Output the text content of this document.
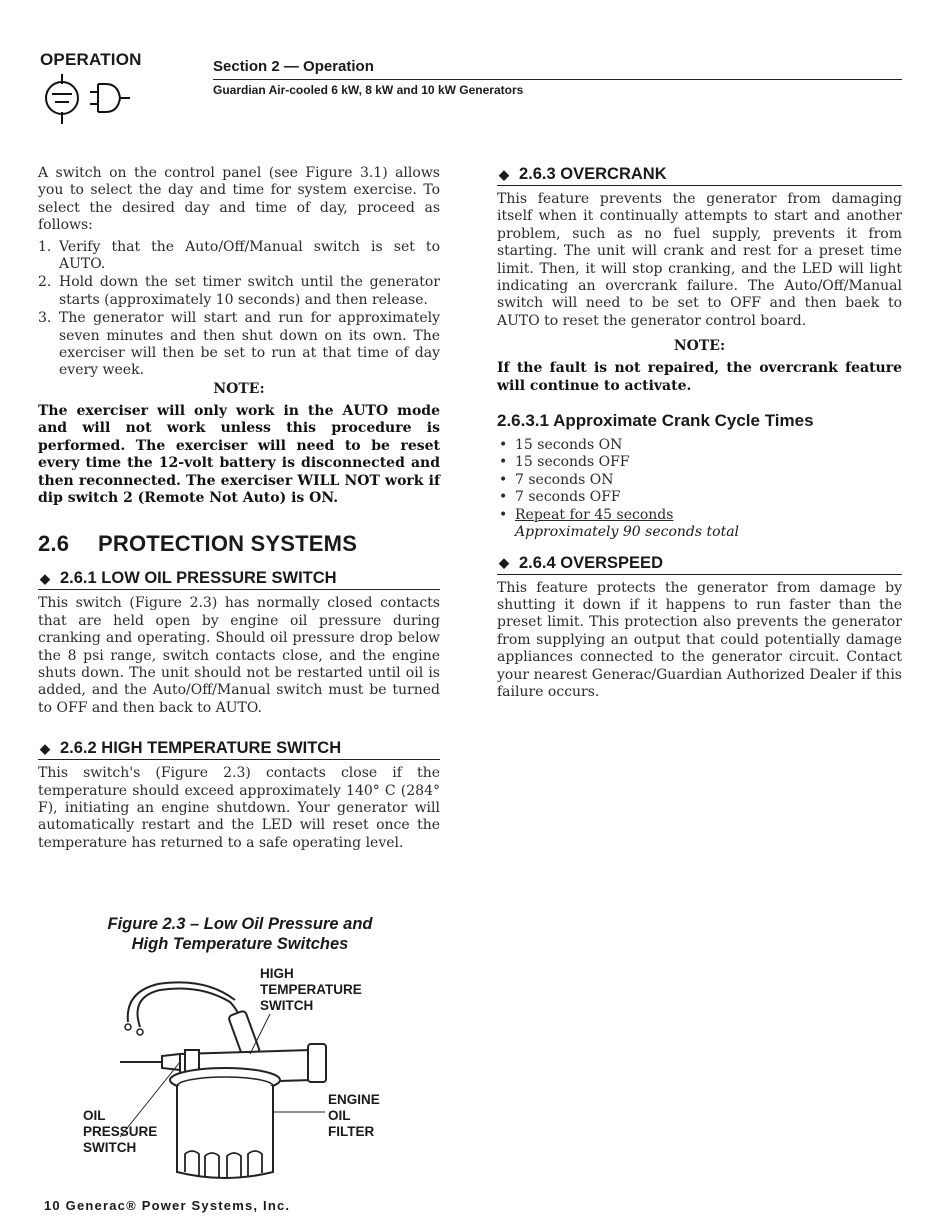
OPERATION	Section 2 — Operation
Guardian Air-cooled 6 kW, 8 kW and 10 kW Generators

A switch on the control panel (see Figure 3.1) allows you to select the day and time for system exercise. To select the desired day and time of day, proceed as follows:

1. Verify that the Auto/Off/Manual switch is set to AUTO.
2. Hold down the set timer switch until the generator starts (approximately 10 seconds) and then release.
3. The generator will start and run for approximately seven minutes and then shut down on its own. The exerciser will then be set to run at that time of day every week.
NOTE:

The exerciser will only work in the AUTO mode and will not work unless this procedure is performed. The exerciser will need to be reset every time the 12-volt battery is disconnected and then reconnected. The exerciser WILL NOT work if dip switch 2 (Remote Not Auto) is ON.

2.6 PROTECTION SYSTEMS
◆ 2.6.1 LOW OIL PRESSURE SWITCH

This switch (Figure 2.3) has normally closed contacts that are held open by engine oil pressure during cranking and operating. Should oil pressure drop below the 8 psi range, switch contacts close, and the engine shuts down. The unit should not be restarted until oil is added, and the Auto/Off/Manual switch must be turned to OFF and then back to AUTO.

◆ 2.6.2 HIGH TEMPERATURE SWITCH

This switch's (Figure 2.3) contacts close if the temperature should exceed approximately 140° C (284° F), initiating an engine shutdown. Your generator will automatically restart and the LED will reset once the temperature has returned to a safe operating level.

◆ 2.6.3 OVERCRANK

This feature prevents the generator from damaging itself when it continually attempts to start and another problem, such as no fuel supply, prevents it from starting. The unit will crank and rest for a preset time limit. Then, it will stop cranking, and the LED will light indicating an overcrank failure. The Auto/Off/Manual switch will need to be set to OFF and then baek to AUTO to reset the generator control board.

NOTE:

If the fault is not repaired, the overcrank feature will continue to activate.

2.6.3.1 Approximate Crank Cycle Times
• 15 seconds ON
• 15 seconds OFF
• 7 seconds ON
• 7 seconds OFF
• Repeat for 45 seconds
Approximately 90 seconds total
◆ 2.6.4 OVERSPEED

This feature protects the generator from damage by shutting it down if it happens to run faster than the preset limit. This protection also prevents the generator from supplying an output that could potentially damage appliances connected to the generator circuit. Contact your nearest Generac/Guardian Authorized Dealer if this failure occurs.

Figure 2.3 – Low Oil Pressure and
High Temperature Switches
HIGH
TEMPERATURE
SWITCH
ENGINE
OIL
FILTER
OIL
PRESSURE
SWITCH
10 Generac® Power Systems, Inc.
